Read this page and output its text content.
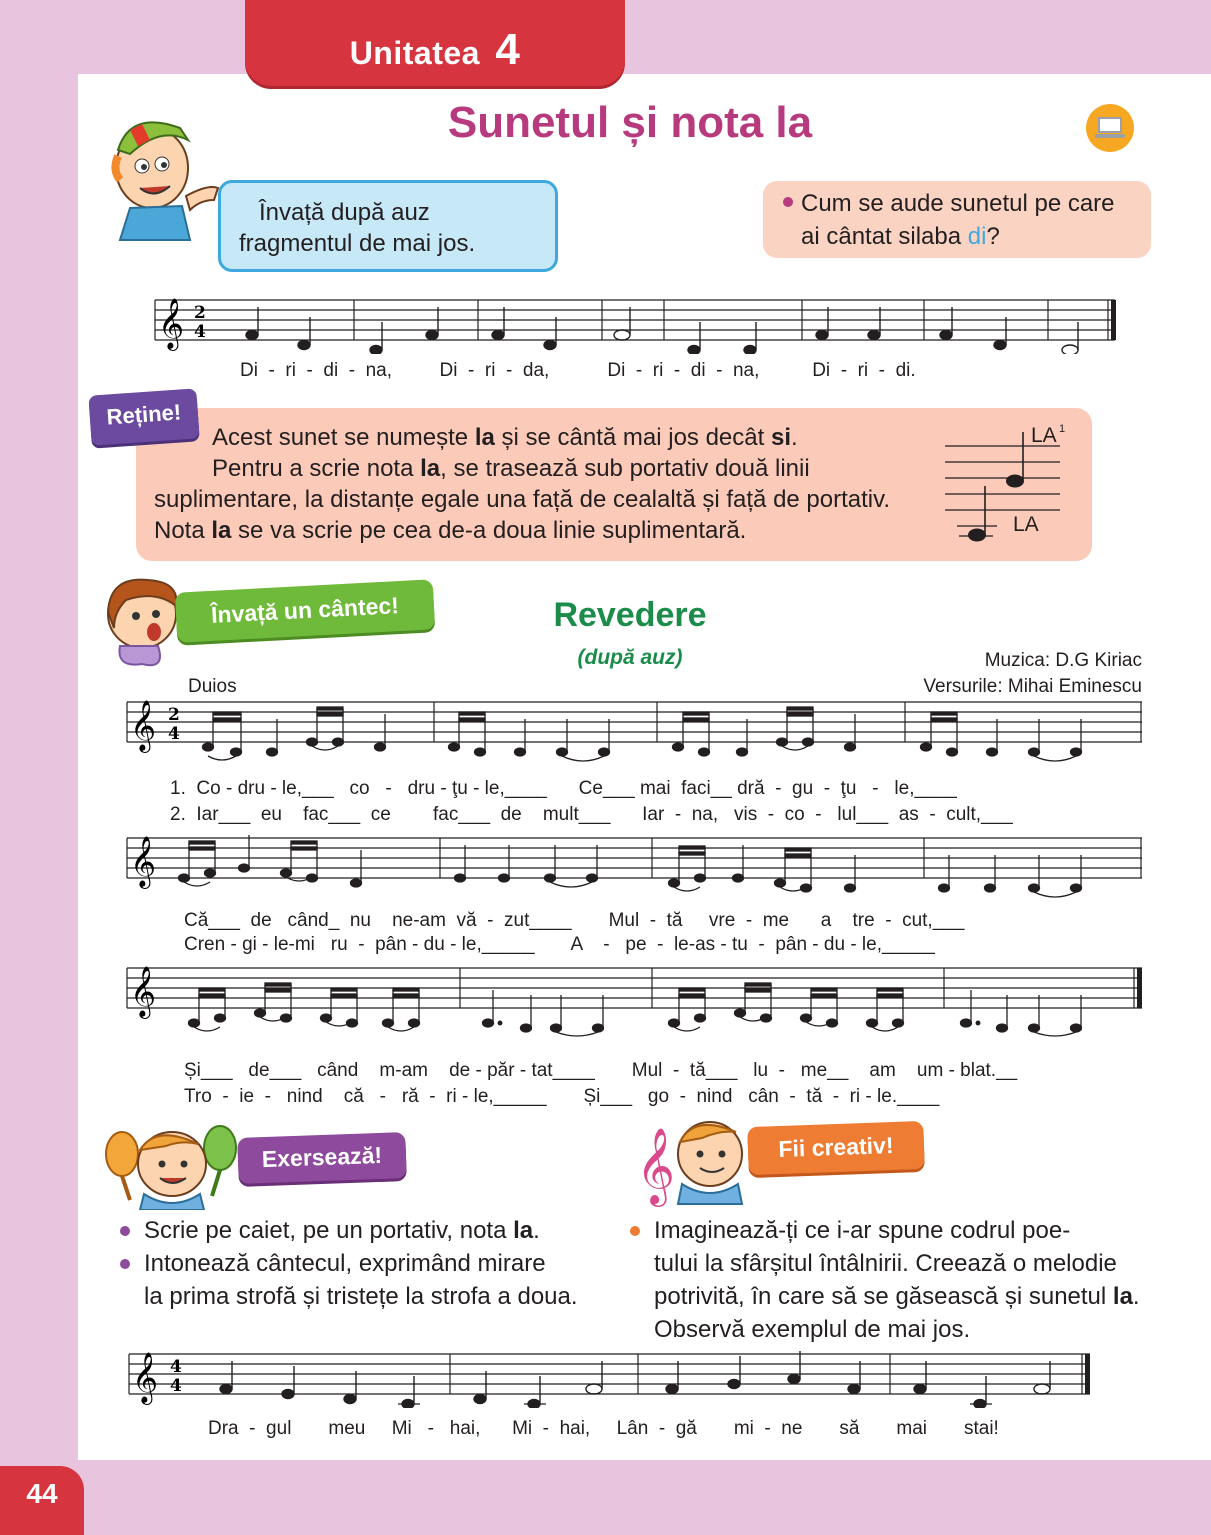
Unitatea 4
Sunetul și nota la
Învață după auz fragmentul de mai jos.
Cum se aude sunetul pe care ai cântat silaba di?
𝄞 2
4
Di  -  ri  -  di  -  na,         Di  -  ri  -  da,           Di  -  ri  -  di  -  na,          Di  -  ri  -  di.

Acest sunet se numește la și se cântă mai jos decât si.

Pentru a scrie nota la, se trasează sub portativ două linii

suplimentare, la distanțe egale una față de cealaltă și față de portativ.

Nota la se va scrie pe cea de-a doua linie suplimentară.

Reține!
LA 1
LA
Învață un cântec!	Revedere
(după auz)	Muzica: D.G Kiriac
Versurile: Mihai Eminescu
Duios
𝄞 2
4
1.  Co - dru - le,___   co   -   dru - ţu - le,____      Ce___ mai  faci__ dră  -  gu  -  ţu   -   le,____
2.  Iar___  eu    fac___  ce        fac___  de    mult___      Iar  -  na,   vis  -  co  -   lul___  as  -  cult,___
𝄞
Că___  de   când_  nu    ne-am  vă  -  zut____       Mul  -  tă     vre  -  me      a    tre  -  cut,___
Cren - gi - le-mi   ru  -  pân - du - le,_____       A    -   pe  -  le-as - tu  -  pân - du - le,_____
𝄞
Și___   de___   când    m-am    de - păr - tat____       Mul  -  tă___   lu  -   me__    am    um - blat.__
Tro  -  ie  -   nind    că   -   ră  -  ri - le,_____       Și___   go  -  nind   cân  -  tă  -  ri - le.____
Exersează!
Scrie pe caiet, pe un portativ, nota la.
Intonează cântecul, exprimând mirare
la prima strofă și tristețe la strofa a doua.
𝄞	Fii creativ!
Imaginează-ți ce i-ar spune codrul poe-
tului la sfârșitul întâlnirii. Creează o melodie
potrivită, în care să se găsească și sunetul la.
Observă exemplul de mai jos.
𝄞 4
4
Dra  -  gul       meu     Mi   -   hai,      Mi  -  hai,     Lân  -  gă       mi  -  ne       să       mai       stai!
44
